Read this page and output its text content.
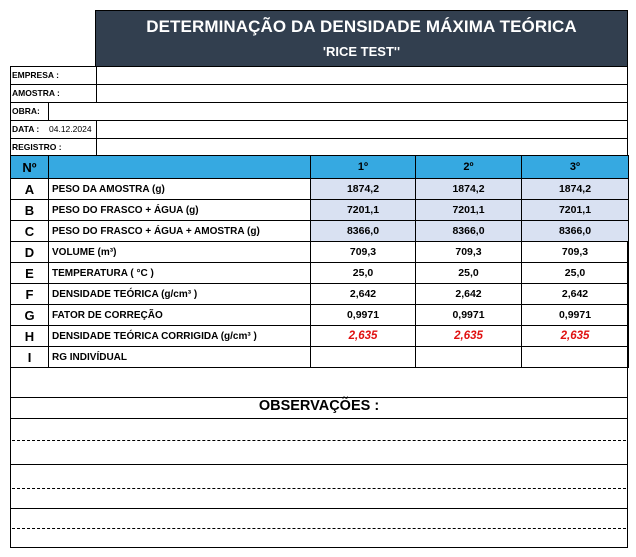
DETERMINAÇÃO DA DENSIDADE MÁXIMA TEÓRICA
'RICE TEST''
EMPRESA :
AMOSTRA :
OBRA:
DATA : 04.12.2024
REGISTRO :
Nº		1º	2º	3º
A	PESO DA AMOSTRA (g)	1874,2	1874,2	1874,2
B	PESO DO FRASCO + ÁGUA (g)	7201,1	7201,1	7201,1
C	PESO DO FRASCO + ÁGUA + AMOSTRA (g)	8366,0	8366,0	8366,0
D	VOLUME (m³)	709,3	709,3	709,3
E	TEMPERATURA ( °C )	25,0	25,0	25,0
F	DENSIDADE TEÓRICA (g/cm³ )	2,642	2,642	2,642
G	FATOR DE CORREÇÃO	0,9971	0,9971	0,9971
H	DENSIDADE TEÓRICA CORRIGIDA (g/cm³ )	2,635	2,635	2,635
I	RG INDIVÍDUAL			
OBSERVAÇÕES :
